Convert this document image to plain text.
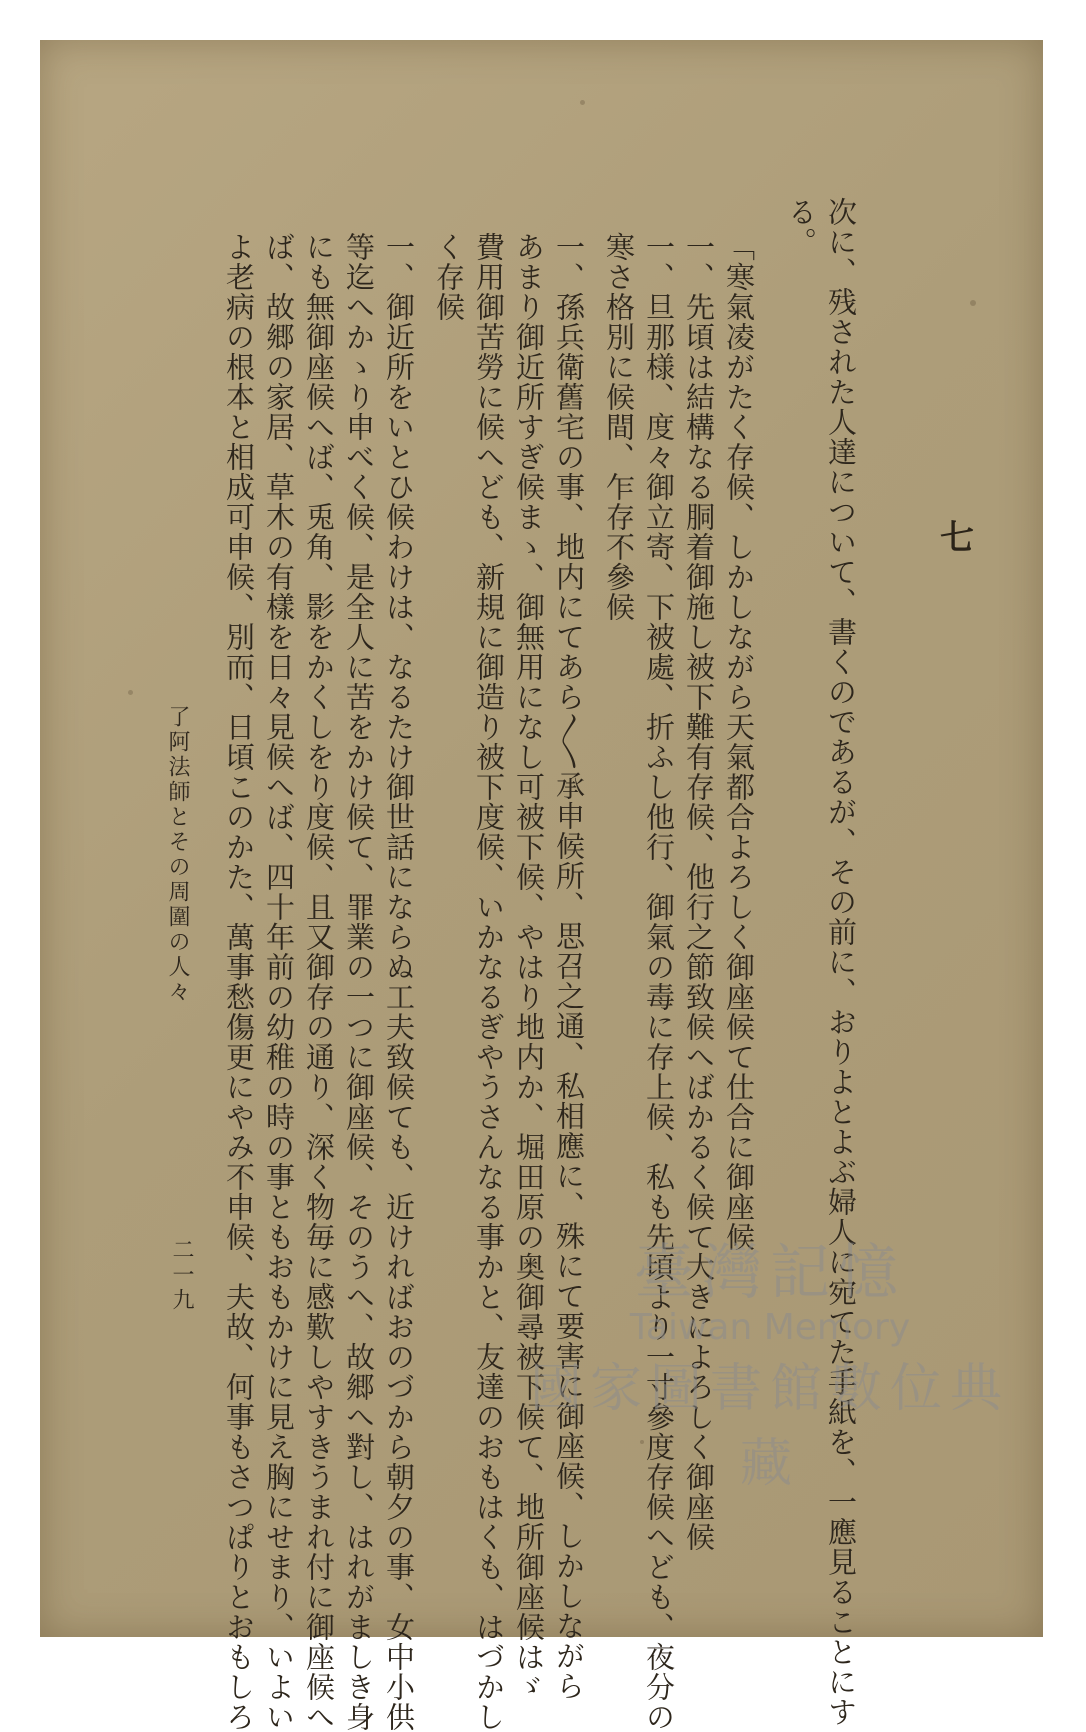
七
次に、残された人達について、書くのであるが、その前に、おりよとよぶ婦人に宛てた手紙を、一應見ることにす
る。
「寒氣凌がたく存候、しかしながら天氣都合よろしく御座候て仕合に御座候
一、先頃は結構なる胴着御施し被下難有存候、他行之節致候へばかるく候て大きによろしく御座候
一、旦那様、度々御立寄、下被處、折ふし他行、御氣の毒に存上候、私も先頃より一寸參度存候へども、夜分の
寒さ格別に候間、乍存不參候
一、孫兵衛舊宅の事、地内にてあら〳〵承申候所、思召之通、私相應に、殊にて要害に御座候、しかしながら
あまり御近所すぎ候まゝ、御無用になし可被下候、やはり地内か、堀田原の奥御尋被下候て、地所御座候はゞ
費用御苦勞に候へども、新規に御造り被下度候、いかなるぎやうさんなる事かと、友達のおもはくも、はづかし
く存候
一、御近所をいとひ候わけは、なるたけ御世話にならぬ工夫致候ても、近ければおのづから朝夕の事、女中小供
等迄へかゝり申べく候、是全人に苦をかけ候て、罪業の一つに御座候、そのうへ、故郷へ對し、はれがましき身
にも無御座候へば、兎角、影をかくしをり度候、且又御存の通り、深く物毎に感歎しやすきうまれ付に御座候へ
ば、故郷の家居、草木の有樣を日々見候へば、四十年前の幼稚の時の事ともおもかけに見え胸にせまり、いよい
よ老病の根本と相成可申候、別而、日頃このかた、萬事愁傷更にやみ不申候、夫故、何事もさつぱりとおもしろ
了阿法師とその周圍の人々
二一九	臺灣記憶
Taiwan Memory
國家圖書館數位典藏
